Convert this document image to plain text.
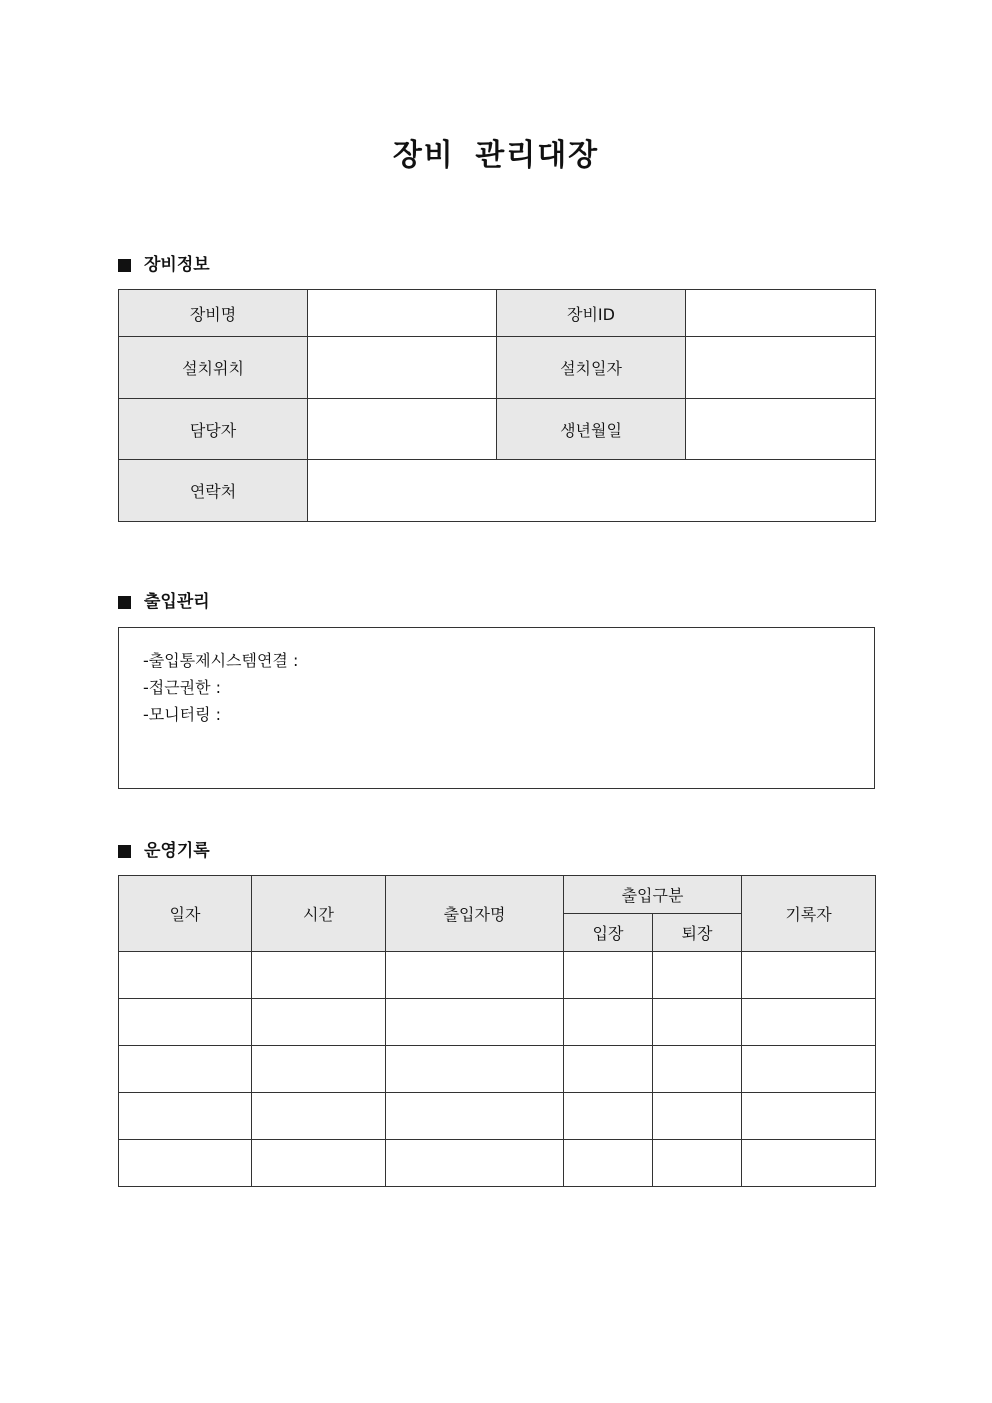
장비 관리대장
장비정보
장비명		장비ID	
설치위치		설치일자	
담당자		생년월일	
연락처			
출입관리
-출입통제시스템연결 :
-접근권한 :
-모니터링 :
운영기록
일자	시간	출입자명	출입구분		기록자
			입장	퇴장	
